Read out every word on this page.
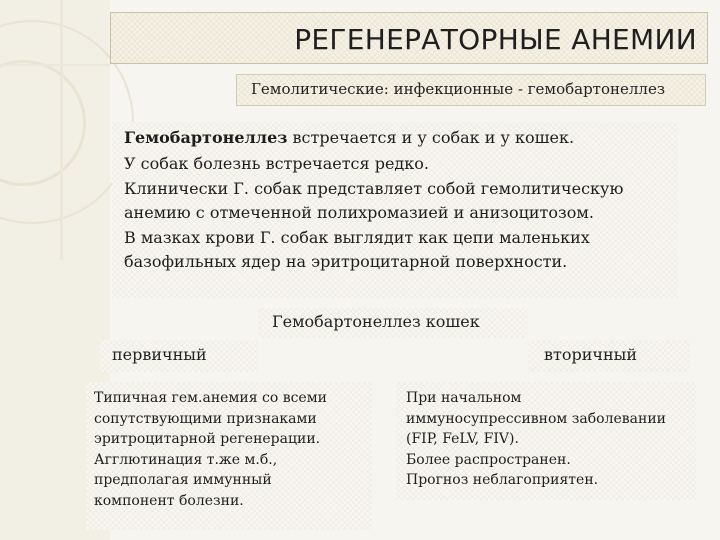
РЕГЕНЕРАТОРНЫЕ АНЕМИИ
Гемолитические: инфекционные - гемобартонеллез

Гемобартонеллез встречается и у собак и у кошек.

У собак болезнь встречается редко.

Клинически Г. собак представляет собой гемолитическую
анемию с отмеченной полихромазией и анизоцитозом.

В мазках крови Г. собак выглядит как цепи маленьких
базофильных ядер на эритроцитарной поверхности.

Гемобартонеллез кошек
первичный	вторичный

Типичная гем.анемия со всеми

сопутствующими признаками

эритроцитарной регенерации.

Агглютинация т.же м.б.,

предполагая иммунный

компонент болезни.

При начальном

иммуносупрессивном заболевании

(FIP, FeLV, FIV).

Более распространен.

Прогноз неблагоприятен.
